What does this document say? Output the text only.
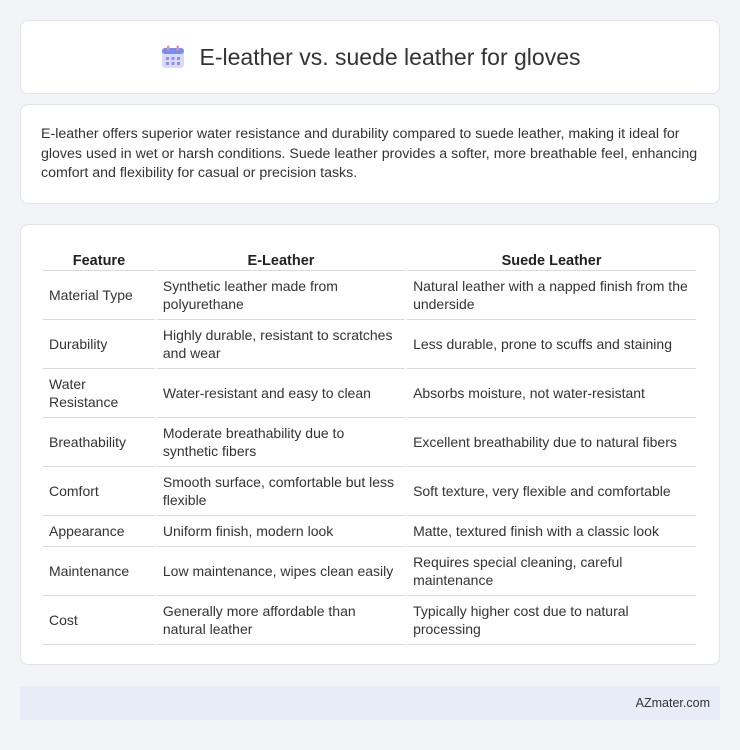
E-leather vs. suede leather for gloves

E-leather offers superior water resistance and durability compared to suede leather, making it ideal for gloves used in wet or harsh conditions. Suede leather provides a softer, more breathable feel, enhancing comfort and flexibility for casual or precision tasks.

Feature	E-Leather	Suede Leather
Material Type	Synthetic leather made from polyurethane	Natural leather with a napped finish from the underside
Durability	Highly durable, resistant to scratches and wear	Less durable, prone to scuffs and staining
Water Resistance	Water-resistant and easy to clean	Absorbs moisture, not water-resistant
Breathability	Moderate breathability due to synthetic fibers	Excellent breathability due to natural fibers
Comfort	Smooth surface, comfortable but less flexible	Soft texture, very flexible and comfortable
Appearance	Uniform finish, modern look	Matte, textured finish with a classic look
Maintenance	Low maintenance, wipes clean easily	Requires special cleaning, careful maintenance
Cost	Generally more affordable than natural leather	Typically higher cost due to natural processing
AZmater.com
